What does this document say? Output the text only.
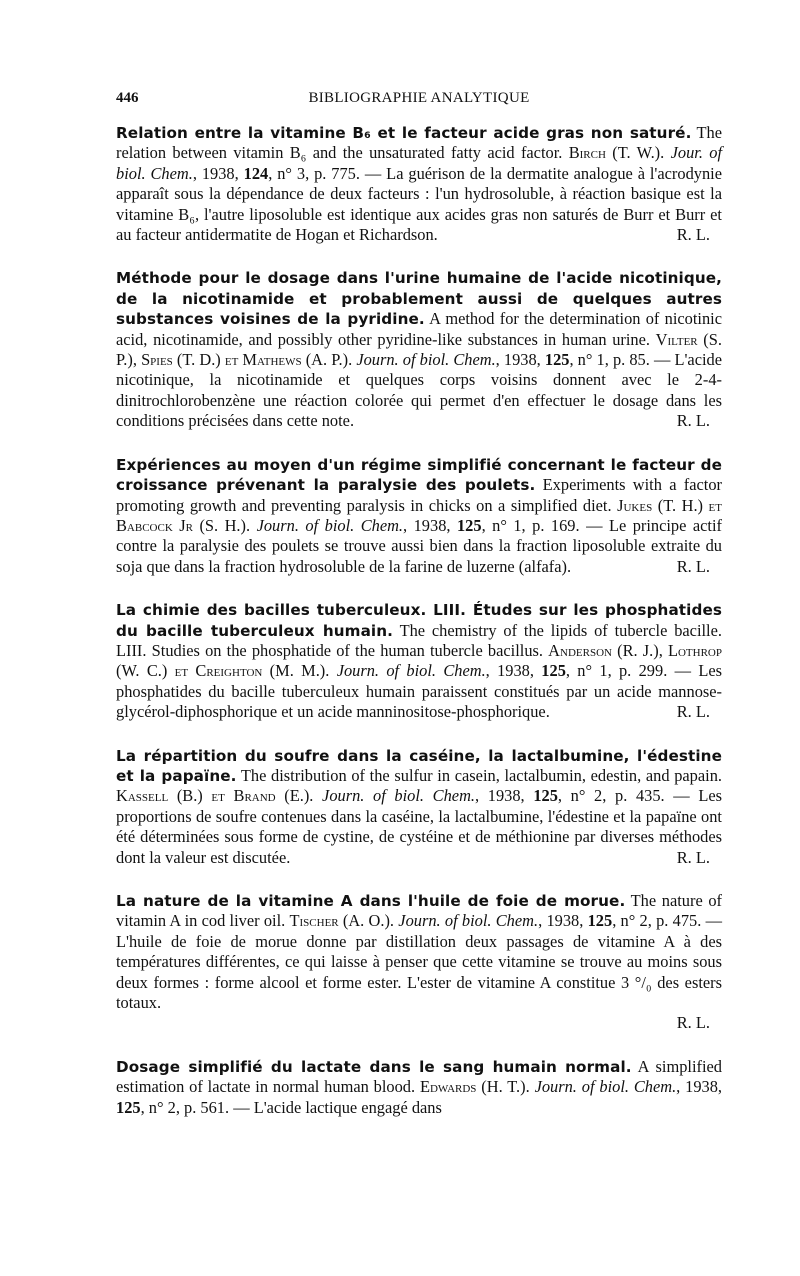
446	BIBLIOGRAPHIE ANALYTIQUE

Relation entre la vitamine B₆ et le facteur acide gras non saturé. The relation between vitamin B₆ and the unsaturated fatty acid factor. Birch (T. W.). Jour. of biol. Chem., 1938, 124, n° 3, p. 775. — La guérison de la dermatite analogue à l'acrodynie apparaît sous la dépendance de deux facteurs : l'un hydrosoluble, à réaction basique est la vitamine B₆, l'autre liposoluble est identique aux acides gras non saturés de Burr et Burr et au facteur antidermatite de Hogan et Richardson.	R. L.

Méthode pour le dosage dans l'urine humaine de l'acide nicotinique, de la nicotinamide et probablement aussi de quelques autres substances voisines de la pyridine. A method for the determination of nicotinic acid, nicotinamide, and possibly other pyridine-like substances in human urine. Vilter (S. P.), Spies (T. D.) et Mathews (A. P.). Journ. of biol. Chem., 1938, 125, n° 1, p. 85. — L'acide nicotinique, la nicotinamide et quelques corps voisins donnent avec le 2-4-dinitrochlorobenzène une réaction colorée qui permet d'en effectuer le dosage dans les conditions précisées dans cette note.	R. L.

Expériences au moyen d'un régime simplifié concernant le facteur de croissance prévenant la paralysie des poulets. Experiments with a factor promoting growth and preventing paralysis in chicks on a simplified diet. Jukes (T. H.) et Babcock Jr (S. H.). Journ. of biol. Chem., 1938, 125, n° 1, p. 169. — Le principe actif contre la paralysie des poulets se trouve aussi bien dans la fraction liposoluble extraite du soja que dans la fraction hydrosoluble de la farine de luzerne (alfafa).	R. L.

La chimie des bacilles tuberculeux. LIII. Études sur les phosphatides du bacille tuberculeux humain. The chemistry of the lipids of tubercle bacille. LIII. Studies on the phosphatide of the human tubercle bacillus. Anderson (R. J.), Lothrop (W. C.) et Creighton (M. M.). Journ. of biol. Chem., 1938, 125, n° 1, p. 299. — Les phosphatides du bacille tuberculeux humain paraissent constitués par un acide mannose-glycérol-diphosphorique et un acide manninositose-phosphorique.	R. L.

La répartition du soufre dans la caséine, la lactalbumine, l'édestine et la papaïne. The distribution of the sulfur in casein, lactalbumin, edestin, and papain. Kassell (B.) et Brand (E.). Journ. of biol. Chem., 1938, 125, n° 2, p. 435. — Les proportions de soufre contenues dans la caséine, la lactalbumine, l'édestine et la papaïne ont été déterminées sous forme de cystine, de cystéine et de méthionine par diverses méthodes dont la valeur est discutée.	R. L.

La nature de la vitamine A dans l'huile de foie de morue. The nature of vitamin A in cod liver oil. Tischer (A. O.). Journ. of biol. Chem., 1938, 125, n° 2, p. 475. — L'huile de foie de morue donne par distillation deux passages de vitamine A à des températures différentes, ce qui laisse à penser que cette vitamine se trouve au moins sous deux formes : forme alcool et forme ester. L'ester de vitamine A constitue 3 °/₀ des esters totaux.

R. L.

Dosage simplifié du lactate dans le sang humain normal. A simplified estimation of lactate in normal human blood. Edwards (H. T.). Journ. of biol. Chem., 1938, 125, n° 2, p. 561. — L'acide lactique engagé dans
